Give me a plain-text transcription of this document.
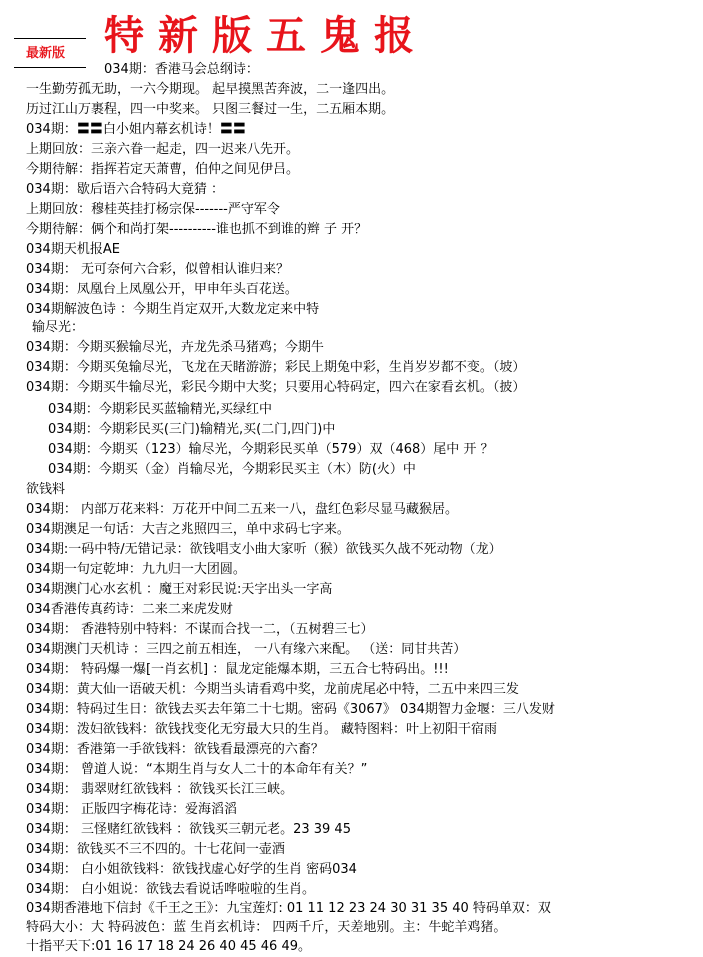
特新版五鬼报
最新版
034期：香港马会总纲诗：
一生勤劳孤无助，一六今期现。 起早摸黑苦奔波，二一逢四出。
历过江山万裹程，四一中奖来。 只图三餐过一生，二五厢本期。
034期：〓〓白小姐内幕玄机诗！〓〓
上期回放：三亲六眷一起走，四一迟来八先开。
今期待解：指挥若定天萧曹，伯仲之间见伊吕。
034期：歇后语六合特码大竟猜 ：
上期回放：穆桂英挂打杨宗保-------严守军令
今期待解：俩个和尚打架----------谁也抓不到谁的辫 子 开？
034期天机报AE
034期： 无可奈何六合彩，似曾相认谁归来？
034期：凤凰台上凤凰公开，甲申年头百花送。
034期解波色诗 ：今期生肖定双开,大数龙定来中特
输尽光：
034期：今期买猴输尽光，卉龙先杀马猪鸡；今期牛
034期：今期买兔输尽光，飞龙在天睹游游；彩民上期兔中彩，生肖岁岁都不变。（坡）
034期：今期买牛输尽光，彩民今期中大奖；只要用心特码定，四六在家看玄机。（披）
034期：今期彩民买蓝输精光,买绿红中
034期：今期彩民买(三门)输精光,买(二门,四门)中
034期：今期买（123）输尽光，今期彩民买单（579）双（468）尾中 开 ？
034期：今期买（金）肖输尽光，今期彩民买主（木）防(火）中
欲钱料
034期： 内部万花来料：万花开中间二五来一八，盘红色彩尽显马藏猴居。
034期澳足一句话：大吉之兆照四三，单中求码七字来。
034期:一码中特/无错记录：欲钱唱支小曲大家听（猴）欲钱买久战不死动物（龙）
034期一句定乾坤：九九归一大团圆。
034期澳门心水玄机 ：魔王对彩民说:天字出头一字高
034香港传真药诗：二来二来虎发财
034期： 香港特别中特料：不谋而合找一二，（五树碧三七）
034期澳门天机诗 ：三四之前五相连， 一八有缘六来配。 （送：同甘共苦）
034期： 特码爆一爆[一肖玄机] ：鼠龙定能爆本期，三五合七特码出。!!!
034期：黄大仙一语破天机：今期当头请看鸡中奖，龙前虎尾必中特，二五中来四三发
034期：特码过生日：欲钱去买去年第二十七期。密码《3067》 034期智力金堰：三八发财
034期：泼妇欲钱料：欲钱找变化无穷最大只的生肖。 藏特图料：叶上初阳干宿雨
034期：香港第一手欲钱料：欲钱看最漂亮的六畜？
034期： 曾道人说：“本期生肖与女人二十的本命年有关？”
034期： 翡翠财红欲钱料 ：欲钱买长江三峡。
034期： 正版四字梅花诗：爱海滔滔
034期： 三怪赌红欲钱料 ：欲钱买三朝元老。23 39 45
034期：欲钱买不三不四的。十七花间一壶酒
034期： 白小姐欲钱料：欲钱找虚心好学的生肖 密码034
034期： 白小姐说：欲钱去看说话哗啦啦的生肖。
034期香港地下信封《千王之王》：九宝莲灯: 01 11 12 23 24 30 31 35 40 特码单双：双
特码大小：大 特码波色：蓝 生肖玄机诗： 四两千斤，天差地别。主：牛蛇羊鸡猪。
十指平天下:01 16 17 18 24 26 40 45 46 49。
